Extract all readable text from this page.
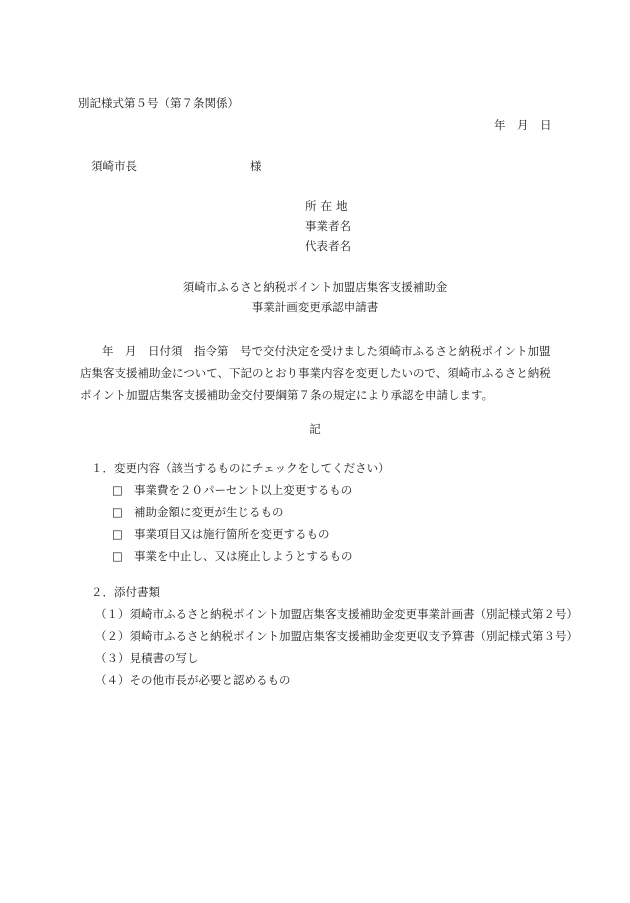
別記様式第５号（第７条関係）
年　月　日
須崎市長	様
所在地
事業者名
代表者名
須崎市ふるさと納税ポイント加盟店集客支援補助金
事業計画変更承認申請書
年　月　日付須　指令第　号で交付決定を受けました須崎市ふるさと納税ポイント加盟店集客支援補助金について、下記のとおり事業内容を変更したいので、須崎市ふるさと納税ポイント加盟店集客支援補助金交付要綱第７条の規定により承認を申請します。
記
１．変更内容（該当するものにチェックをしてください）
□ 事業費を２０パーセント以上変更するもの
□ 補助金額に変更が生じるもの
□ 事業項目又は施行箇所を変更するもの
□ 事業を中止し、又は廃止しようとするもの
２．添付書類
（１）須崎市ふるさと納税ポイント加盟店集客支援補助金変更事業計画書（別記様式第２号）
（２）須崎市ふるさと納税ポイント加盟店集客支援補助金変更収支予算書（別記様式第３号）
（３）見積書の写し
（４）その他市長が必要と認めるもの
